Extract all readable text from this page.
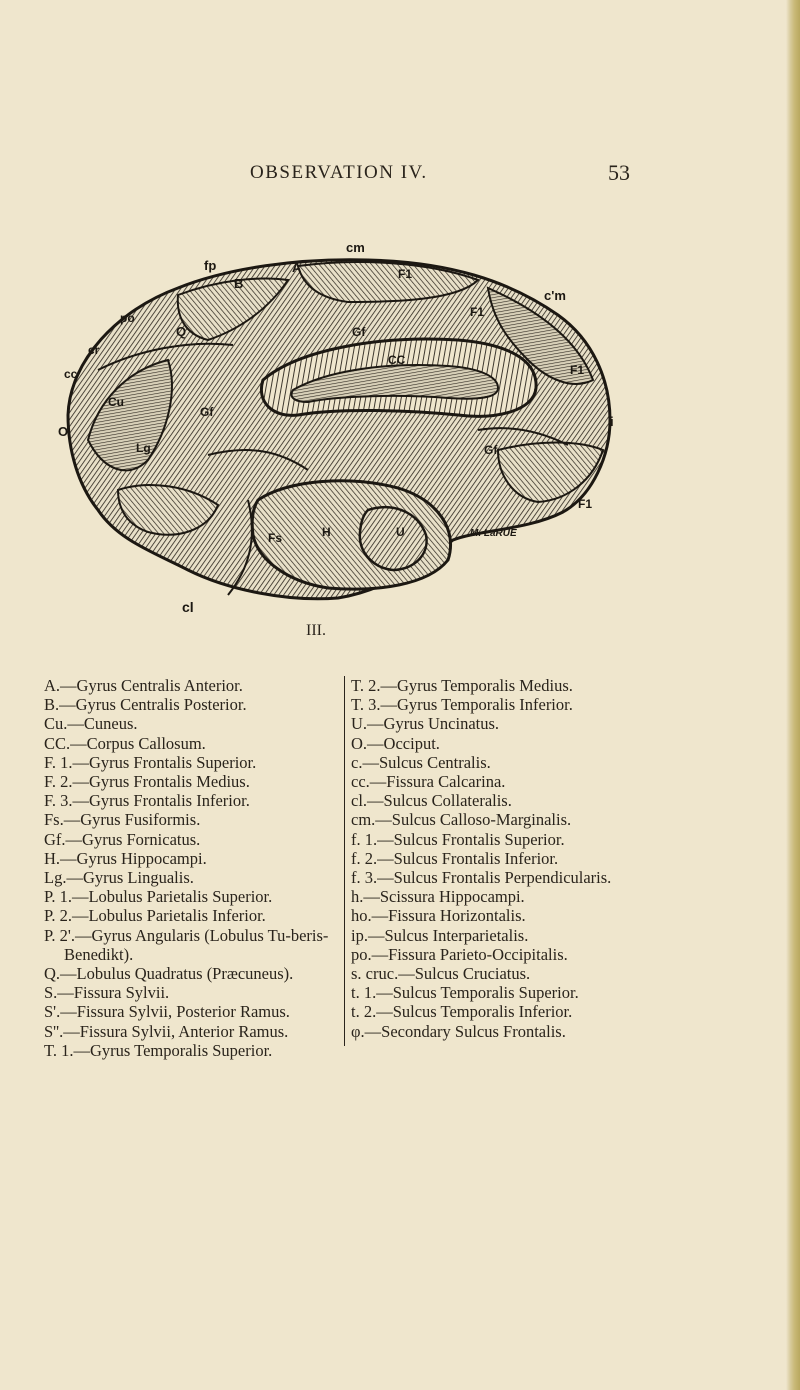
OBSERVATION IV.	53
fp
cm
po
cr
cc
O
A
B
Q
Cu
Lg
Gf
Gf
Gf
CC
F1
F1
F1
c'm
F1
Fs	H	U
cl
i
M. LaRUE
III.
A.—Gyrus Centralis Anterior.
B.—Gyrus Centralis Posterior.
Cu.—Cuneus.
CC.—Corpus Callosum.
F. 1.—Gyrus Frontalis Superior.
F. 2.—Gyrus Frontalis Medius.
F. 3.—Gyrus Frontalis Inferior.
Fs.—Gyrus Fusiformis.
Gf.—Gyrus Fornicatus.
H.—Gyrus Hippocampi.
Lg.—Gyrus Lingualis.
P. 1.—Lobulus Parietalis Superior.
P. 2.—Lobulus Parietalis Inferior.
P. 2'.—Gyrus Angularis (Lobulus Tu-beris-Benedikt).
Q.—Lobulus Quadratus (Præcuneus).
S.—Fissura Sylvii.
S'.—Fissura Sylvii, Posterior Ramus.
S''.—Fissura Sylvii, Anterior Ramus.
T. 1.—Gyrus Temporalis Superior.
T. 2.—Gyrus Temporalis Medius.
T. 3.—Gyrus Temporalis Inferior.
U.—Gyrus Uncinatus.
O.—Occiput.
c.—Sulcus Centralis.
cc.—Fissura Calcarina.
cl.—Sulcus Collateralis.
cm.—Sulcus Calloso-Marginalis.
f. 1.—Sulcus Frontalis Superior.
f. 2.—Sulcus Frontalis Inferior.
f. 3.—Sulcus Frontalis Perpendicularis.
h.—Scissura Hippocampi.
ho.—Fissura Horizontalis.
ip.—Sulcus Interparietalis.
po.—Fissura Parieto-Occipitalis.
s. cruc.—Sulcus Cruciatus.
t. 1.—Sulcus Temporalis Superior.
t. 2.—Sulcus Temporalis Inferior.
φ.—Secondary Sulcus Frontalis.
